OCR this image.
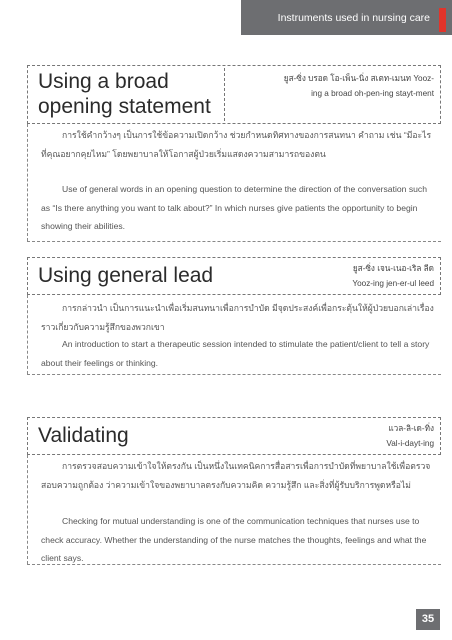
Instruments used in nursing care
Using a broad
opening statement
ยูส-ซิ่ง บรอด โอ-เพ็น-นิ่ง สเตท-เมนท Yooz-
ing a broad oh-pen-ing stayt-ment

การใช้คำกว้างๆ เป็นการใช้ข้อความเปิดกว้าง ช่วยกำหนดทิศทางของการสนทนา คำถาม เช่น “มีอะไรที่คุณอยากคุยไหม” โดยพยาบาลให้โอกาสผู้ป่วยเริ่มแสดงความสามารถของตน

Use of general words in an opening question to determine the direction of the conversation such as “Is there anything you want to talk about?” In which nurses give patients the opportunity to begin showing their abilities.

Using general lead	ยูส-ซิ่ง เจน-เนอ-เริล ลีด
Yooz-ing jen-er-ul leed

การกล่าวนำ เป็นการแนะนำเพื่อเริ่มสนทนาเพื่อการบำบัด มีจุดประสงค์เพื่อกระตุ้นให้ผู้ป่วยบอกเล่าเรื่องราวเกี่ยวกับความรู้สึกของพวกเขา

An introduction to start a therapeutic session intended to stimulate the patient/client to tell a story about their feelings or thinking.

Validating	แวล-ลิ-เด-ทิ่ง
Val-i-dayt-ing

การตรวจสอบความเข้าใจให้ตรงกัน เป็นหนึ่งในเทคนิคการสื่อสารเพื่อการบำบัดที่พยาบาลใช้เพื่อตรวจสอบความถูกต้อง ว่าความเข้าใจของพยาบาลตรงกับความคิด ความรู้สึก และสิ่งที่ผู้รับบริการพูดหรือไม่

Checking for mutual understanding is one of the communication techniques that nurses use to check accuracy. Whether the understanding of the nurse matches the thoughts, feelings and what the client says.

35
